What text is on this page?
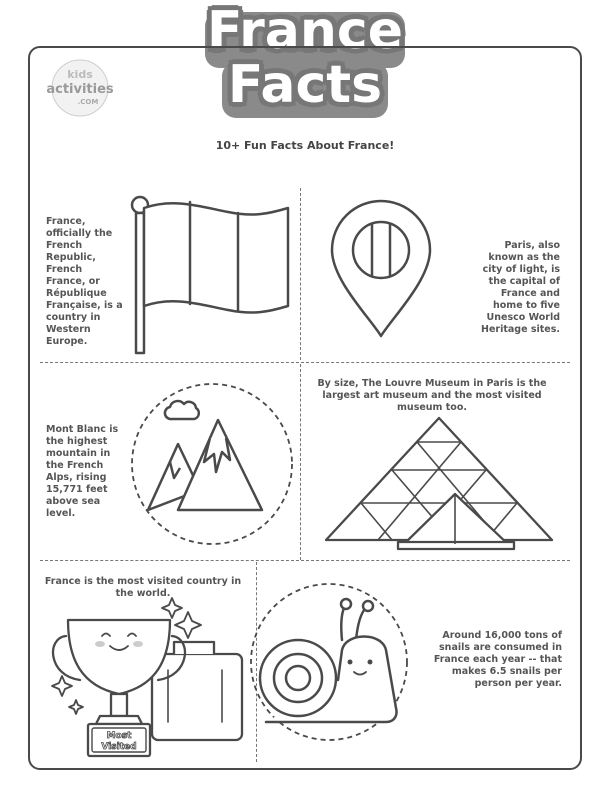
France
Facts
kids
activities
.COM
10+ Fun Facts About France!
France, officially the French Republic, French France, or République Française, is a country in Western Europe.
Paris, also known as the city of light, is the capital of France and home to five Unesco World Heritage sites.
Mont Blanc is the highest mountain in the French Alps, rising 15,771 feet above sea level.
By size, The Louvre Museum in Paris is the largest art museum and the most visited museum too.
France is the most visited country in the world.
Most
Visited
Around 16,000 tons of snails are consumed in France each year -- that makes 6.5 snails per person per year.
